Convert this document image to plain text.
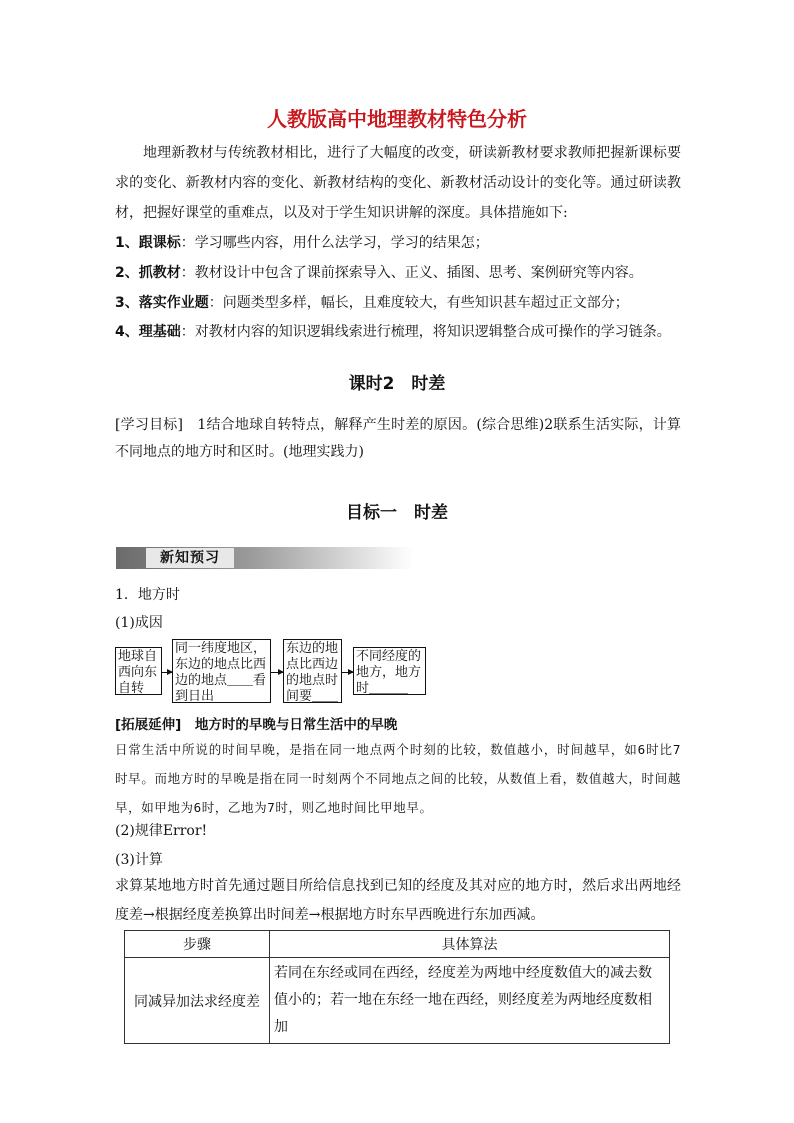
人教版高中地理教材特色分析
地理新教材与传统教材相比，进行了大幅度的改变，研读新教材要求教师把握新课标要求的变化、新教材内容的变化、新教材结构的变化、新教材活动设计的变化等。通过研读教材，把握好课堂的重难点，以及对于学生知识讲解的深度。具体措施如下:
1、跟课标：学习哪些内容，用什么法学习，学习的结果怎；
2、抓教材：教材设计中包含了课前探索导入、正义、插图、思考、案例研究等内容。
3、落实作业题：问题类型多样，幅长，且难度较大，有些知识甚车超过正文部分；
4、理基础：对教材内容的知识逻辑线索进行梳理，将知识逻辑整合成可操作的学习链条。
课时2　时差
[学习目标]　1结合地球自转特点，解释产生时差的原因。(综合思维)2联系生活实际，计算不同地点的地方时和区时。(地理实践力)
目标一　时差
新知预习
1．地方时
(1)成因
地球自西向东自转
同一纬度地区，东边的地点比西边的地点＿＿看到日出
东边的地点比西边的地点时间要＿＿
不同经度的地方，地方时＿＿＿
[拓展延伸]　地方时的早晚与日常生活中的早晚
日常生活中所说的时间早晚，是指在同一地点两个时刻的比较，数值越小，时间越早，如6时比7时早。而地方时的早晚是指在同一时刻两个不同地点之间的比较，从数值上看，数值越大，时间越早，如甲地为6时，乙地为7时，则乙地时间比甲地早。
(2)规律Error!
(3)计算
求算某地地方时首先通过题目所给信息找到已知的经度及其对应的地方时，然后求出两地经度差→根据经度差换算出时间差→根据地方时东早西晚进行东加西减。
步骤	具体算法
同减异加法求经度差	若同在东经或同在西经，经度差为两地中经度数值大的减去数值小的；若一地在东经一地在西经，则经度差为两地经度数相加
